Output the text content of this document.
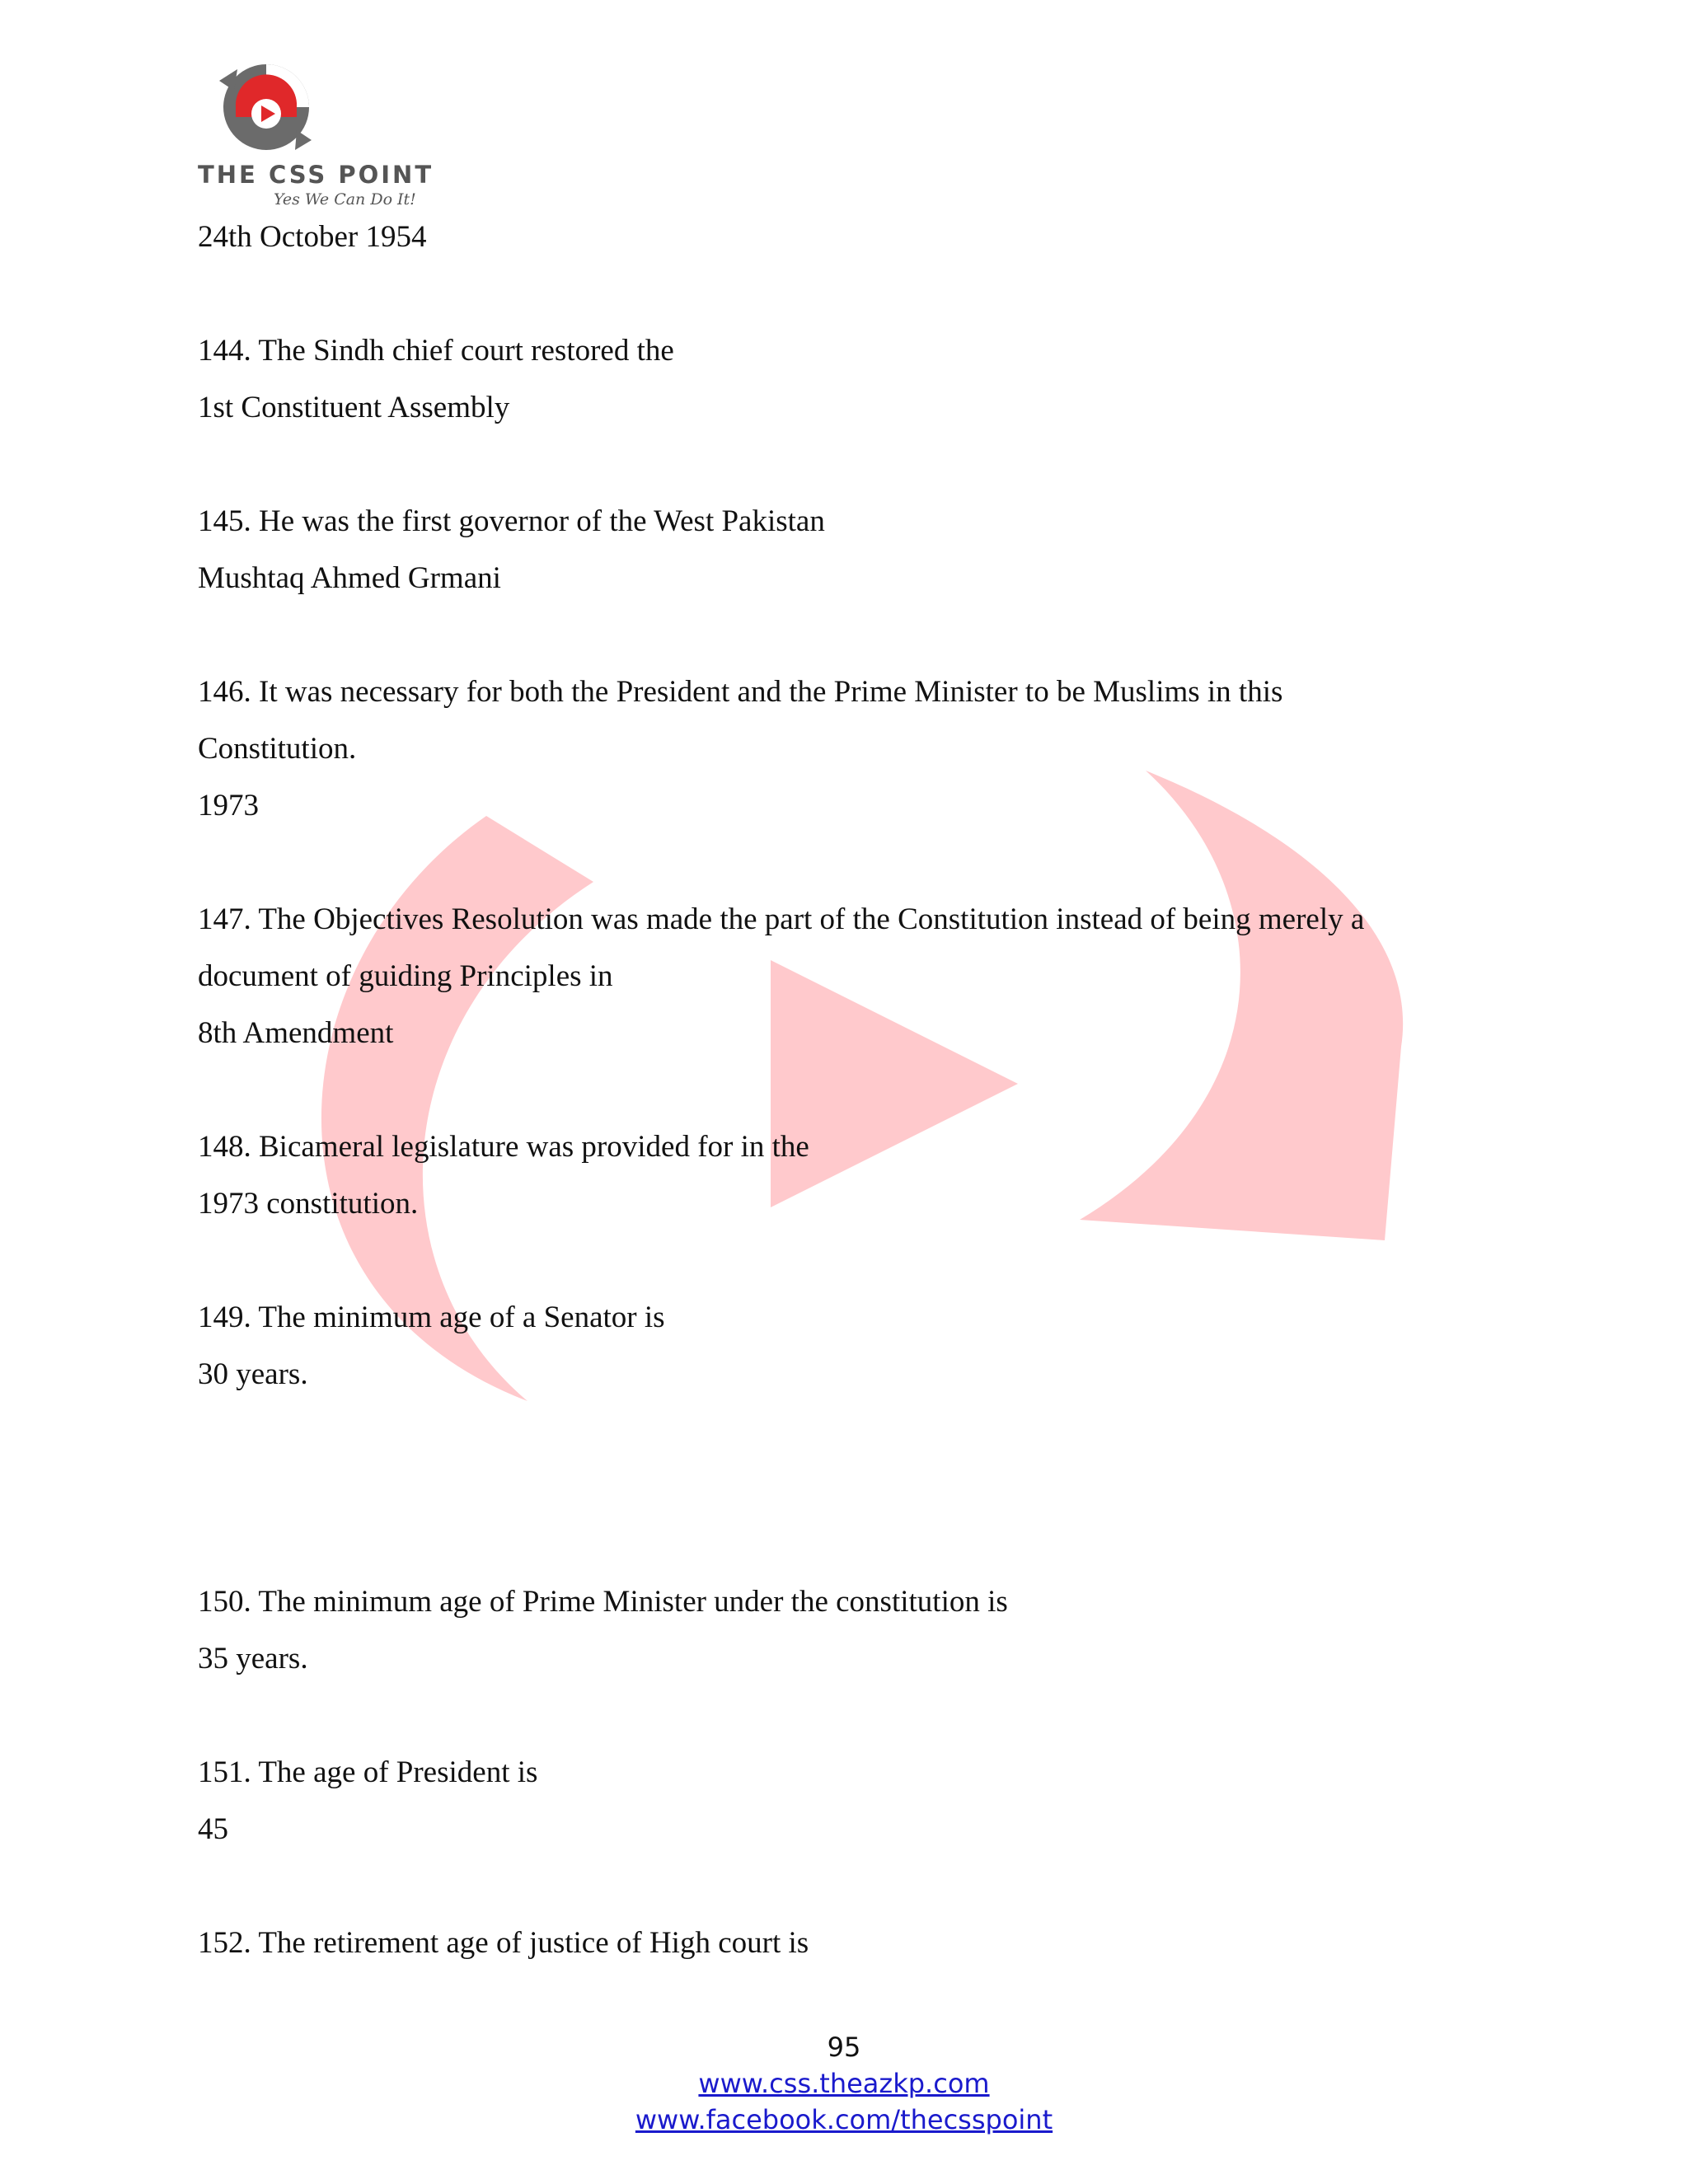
THE CSS POINT
Yes We Can Do It!
24th October 1954
144. The Sindh chief court restored the
1st Constituent Assembly
145. He was the first governor of the West Pakistan
Mushtaq Ahmed Grmani
146. It was necessary for both the President and the Prime Minister to be Muslims in this
Constitution.
1973
147. The Objectives Resolution was made the part of the Constitution instead of being merely a
document of guiding Principles in
8th Amendment
148. Bicameral legislature was provided for in the
1973 constitution.
149. The minimum age of a Senator is
30 years.
150. The minimum age of Prime Minister under the constitution is
35 years.
151. The age of President is
45
152. The retirement age of justice of High court is
95
www.css.theazkp.com
www.facebook.com/thecsspoint
